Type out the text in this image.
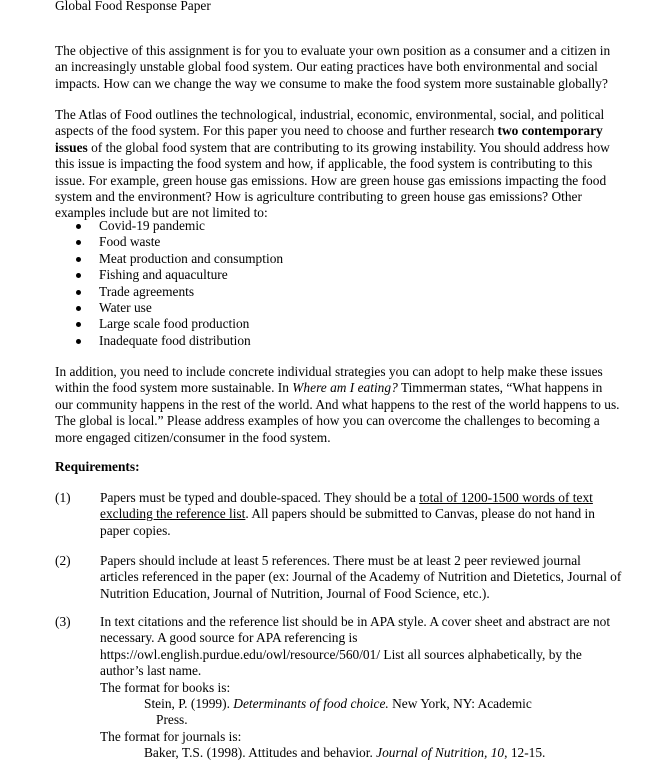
Global Food Response Paper
The objective of this assignment is for you to evaluate your own position as a consumer and a citizen in
an increasingly unstable global food system. Our eating practices have both environmental and social
impacts. How can we change the way we consume to make the food system more sustainable globally?
The Atlas of Food outlines the technological, industrial, economic, environmental, social, and political
aspects of the food system. For this paper you need to choose and further research two contemporary
issues of the global food system that are contributing to its growing instability. You should address how
this issue is impacting the food system and how, if applicable, the food system is contributing to this
issue. For example, green house gas emissions. How are green house gas emissions impacting the food
system and the environment? How is agriculture contributing to green house gas emissions? Other
examples include but are not limited to:
Covid-19 pandemic
Food waste
Meat production and consumption
Fishing and aquaculture
Trade agreements
Water use
Large scale food production
Inadequate food distribution
In addition, you need to include concrete individual strategies you can adopt to help make these issues
within the food system more sustainable. In Where am I eating? Timmerman states, “What happens in
our community happens in the rest of the world. And what happens to the rest of the world happens to us.
The global is local.” Please address examples of how you can overcome the challenges to becoming a
more engaged citizen/consumer in the food system.
Requirements:
(1) Papers must be typed and double-spaced. They should be a total of 1200-1500 words of text
excluding the reference list. All papers should be submitted to Canvas, please do not hand in
paper copies.
(2) Papers should include at least 5 references. There must be at least 2 peer reviewed journal
articles referenced in the paper (ex: Journal of the Academy of Nutrition and Dietetics, Journal of
Nutrition Education, Journal of Nutrition, Journal of Food Science, etc.).
(3) In text citations and the reference list should be in APA style. A cover sheet and abstract are not
necessary. A good source for APA referencing is
https://owl.english.purdue.edu/owl/resource/560/01/ List all sources alphabetically, by the
author’s last name.
The format for books is:
Stein, P. (1999). Determinants of food choice. New York, NY: Academic
Press.
The format for journals is:
Baker, T.S. (1998). Attitudes and behavior. Journal of Nutrition, 10, 12-15.
